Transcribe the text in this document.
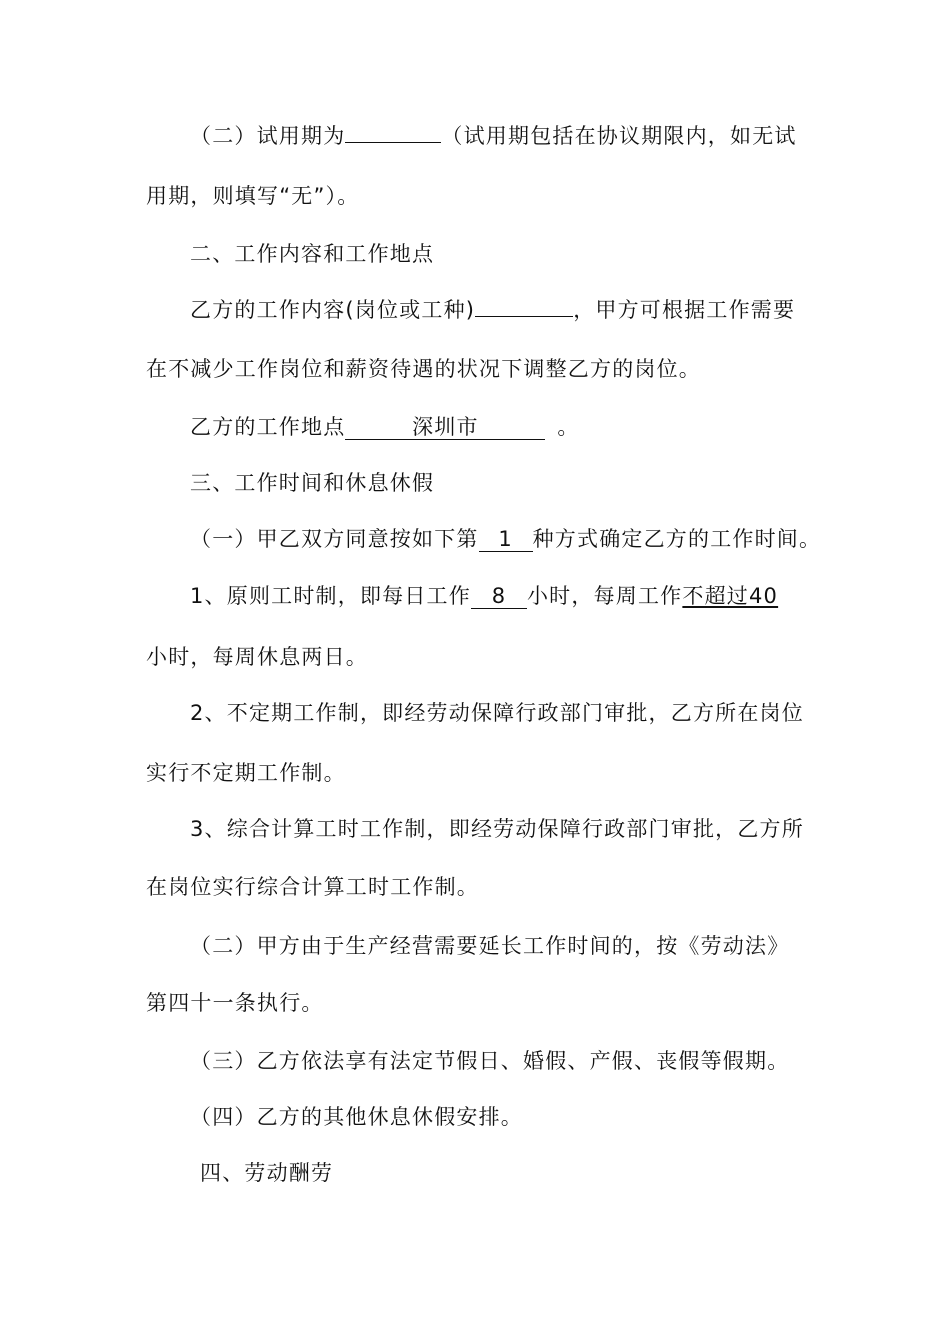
（二）试用期为	（试用期包括在协议期限内，如无试
用期，则填写“无”）。
二、工作内容和工作地点
乙方的工作内容(岗位或工种)	，甲方可根据工作需要
在不减少工作岗位和薪资待遇的状况下调整乙方的岗位。
乙方的工作地点	深圳市	。
三、工作时间和休息休假
（一）甲乙双方同意按如下第 1 种方式确定乙方的工作时间。
1、原则工时制，即每日工作 8 小时，每周工作不超过40
小时，每周休息两日。
2、不定期工作制，即经劳动保障行政部门审批，乙方所在岗位
实行不定期工作制。
3、综合计算工时工作制，即经劳动保障行政部门审批，乙方所
在岗位实行综合计算工时工作制。
（二）甲方由于生产经营需要延长工作时间的，按《劳动法》
第四十一条执行。
（三）乙方依法享有法定节假日、婚假、产假、丧假等假期。
（四）乙方的其他休息休假安排。
四、劳动酬劳
